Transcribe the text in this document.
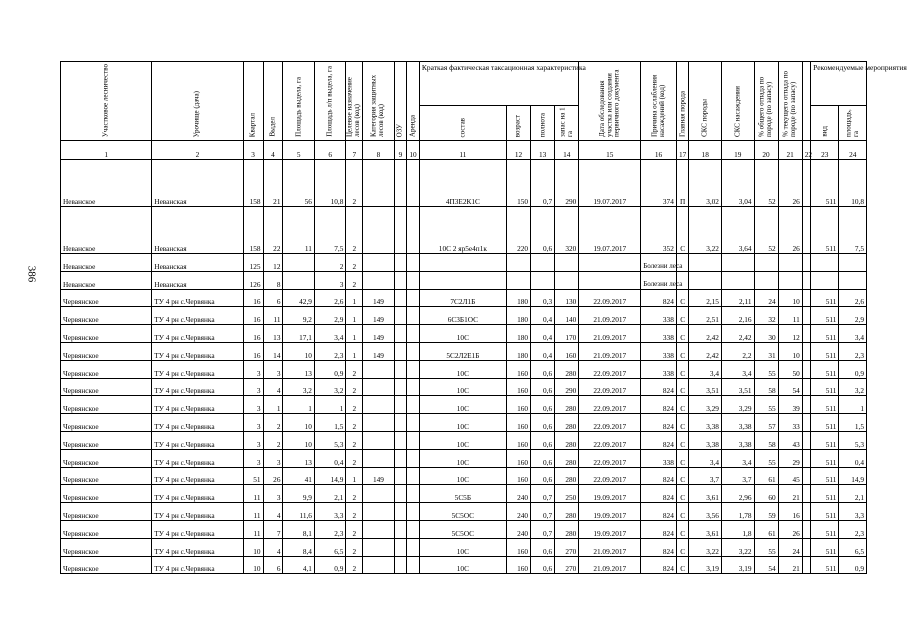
386
Участковое лесничество	Урочище (дача)	Квартал	Выдел	Площадь выдела, га	Площадь л/п выдела, га	Целевое назначение лесов (код)	Категория защитных лесов (код)	ОЗУ	Аренда	Краткая фактическая таксационная характеристика				Дата обследования участка или создания первичного документа	Причина ослабления насаждений (код)	Главная порода	СКС породы	СКС насаждения	% общего отпада по породе (по запасу)	% текущего отпада по породе (по запасу)		Рекомендуемые мероприятия	

										состав	возраст	полнота	запас на 1 га									вид	площадь, га

1	2	3	4	5	6	7	8	9	10	11	12	13	14	15	16	17	18	19	20	21	22	23	24
Неванское	Неванская	158	21	56	10,8	2				4П3Е2К1С	150	0,7	290	19.07.2017	374	П	3,02	3,04	52	26		511	10,8
Неванское	Неванская	158	22	11	7,5	2				10С 2 яр5е4п1к	220	0,6	320	19.07.2017	352	С	3,22	3,64	52	26		511	7,5
Неванское	Неванская	125	12		2	2									Болезни леса								
Неванское	Неванская	126	8		3	2									Болезни леса								
Червянское	ТУ 4 рн с.Червянка	16	6	42,9	2,6	1	149			7С2Л1Б	180	0,3	130	22.09.2017	824	С	2,15	2,11	24	10		511	2,6
Червянское	ТУ 4 рн с.Червянка	16	11	9,2	2,9	1	149			6С3Б1ОС	180	0,4	140	21.09.2017	338	С	2,51	2,16	32	11		511	2,9
Червянское	ТУ 4 рн с.Червянка	16	13	17,1	3,4	1	149			10С	180	0,4	170	21.09.2017	338	С	2,42	2,42	30	12		511	3,4
Червянское	ТУ 4 рн с.Червянка	16	14	10	2,3	1	149			5С2Л2Е1Б	180	0,4	160	21.09.2017	338	С	2,42	2,2	31	10		511	2,3
Червянское	ТУ 4 рн с.Червянка	3	3	13	0,9	2				10С	160	0,6	280	22.09.2017	338	С	3,4	3,4	55	50		511	0,9
Червянское	ТУ 4 рн с.Червянка	3	4	3,2	3,2	2				10С	160	0,6	290	22.09.2017	824	С	3,51	3,51	58	54		511	3,2
Червянское	ТУ 4 рн с.Червянка	3	1	1	1	2				10С	160	0,6	280	22.09.2017	824	С	3,29	3,29	55	39		511	1
Червянское	ТУ 4 рн с.Червянка	3	2	10	1,5	2				10С	160	0,6	280	22.09.2017	824	С	3,38	3,38	57	33		511	1,5
Червянское	ТУ 4 рн с.Червянка	3	2	10	5,3	2				10С	160	0,6	280	22.09.2017	824	С	3,38	3,38	58	43		511	5,3
Червянское	ТУ 4 рн с.Червянка	3	3	13	0,4	2				10С	160	0,6	280	22.09.2017	338	С	3,4	3,4	55	29		511	0,4
Червянское	ТУ 4 рн с.Червянка	51	26	41	14,9	1	149			10С	160	0,6	280	22.09.2017	824	С	3,7	3,7	61	45		511	14,9
Червянское	ТУ 4 рн с.Червянка	11	3	9,9	2,1	2				5С5Б	240	0,7	250	19.09.2017	824	С	3,61	2,96	60	21		511	2,1
Червянское	ТУ 4 рн с.Червянка	11	4	11,6	3,3	2				5С5ОС	240	0,7	280	19.09.2017	824	С	3,56	1,78	59	16		511	3,3
Червянское	ТУ 4 рн с.Червянка	11	7	8,1	2,3	2				5С5ОС	240	0,7	280	19.09.2017	824	С	3,61	1,8	61	26		511	2,3
Червянское	ТУ 4 рн с.Червянка	10	4	8,4	6,5	2				10С	160	0,6	270	21.09.2017	824	С	3,22	3,22	55	24		511	6,5
Червянское	ТУ 4 рн с.Червянка	10	6	4,1	0,9	2				10С	160	0,6	270	21.09.2017	824	С	3,19	3,19	54	21		511	0,9
